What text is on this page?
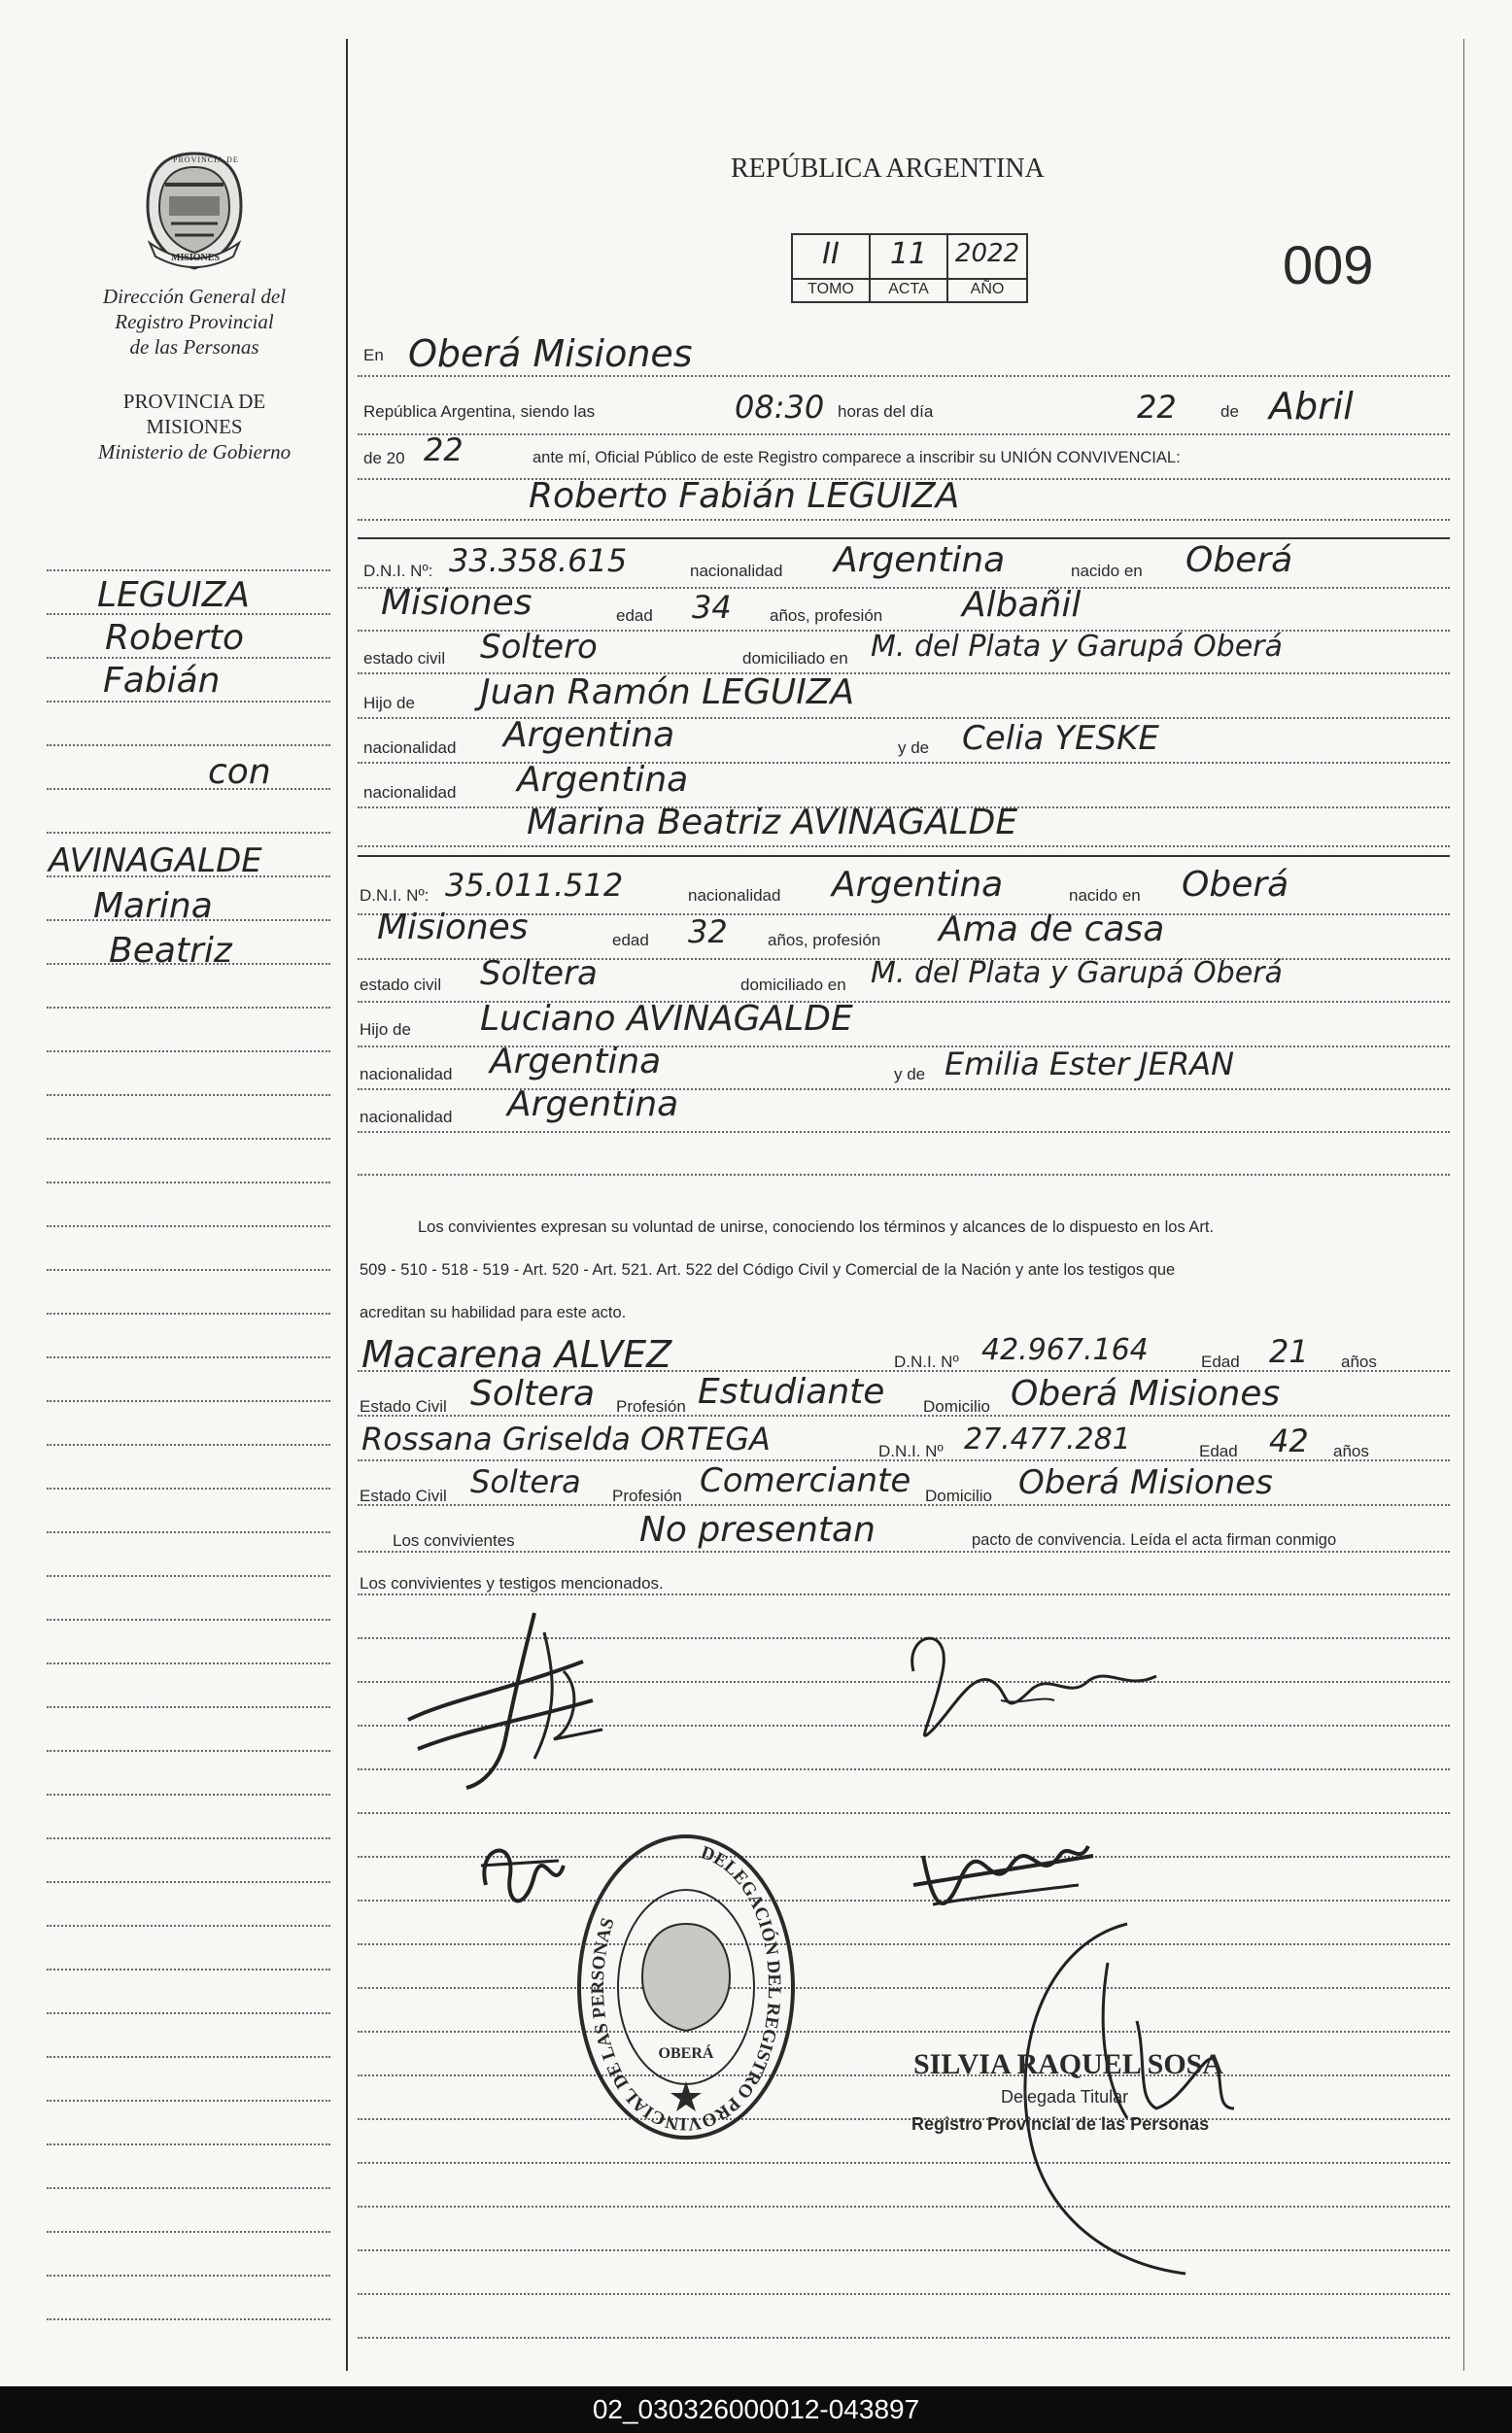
PROVINCIA DE
MISIONES
Dirección General del
Registro Provincial
de las Personas
PROVINCIA DE
MISIONES
Ministerio de Gobierno
LEGUIZA
Roberto
Fabián
con
AVINAGALDE
Marina
Beatriz
REPÚBLICA ARGENTINA
009
II	11	2022
TOMO	ACTA	AÑO
En Oberá Misiones
República Argentina, siendo las	08:30 horas del día	22	de Abril
de 20 22	ante mí, Oficial Público de este Registro comparece a inscribir su UNIÓN CONVIVENCIAL:
Roberto Fabián LEGUIZA
D.N.I. Nº: 33.358.615	nacionalidad Argentina	nacido en Oberá
Misiones	edad 34 años, profesión Albañil
estado civil Soltero	domiciliado en M. del Plata y Garupá Oberá
Hijo de Juan Ramón LEGUIZA
nacionalidad Argentina	y de Celia YESKE
nacionalidad Argentina
Marina Beatriz AVINAGALDE
D.N.I. Nº: 35.011.512	nacionalidad Argentina	nacido en Oberá
Misiones	edad 32 años, profesión Ama de casa
estado civil Soltera	domiciliado en M. del Plata y Garupá Oberá
Hijo de Luciano AVINAGALDE
nacionalidad Argentina	y de Emilia Ester JERAN
nacionalidad Argentina
Los convivientes expresan su voluntad de unirse, conociendo los términos y alcances de lo dispuesto en los Art.
509 - 510 - 518 - 519 - Art. 520 - Art. 521. Art. 522 del Código Civil y Comercial de la Nación y ante los testigos que
acreditan su habilidad para este acto.
Macarena ALVEZ	D.N.I. Nº 42.967.164	Edad 21 años
Estado Civil Soltera Profesión Estudiante Domicilio Oberá Misiones
Rossana Griselda ORTEGA	D.N.I. Nº 27.477.281	Edad 42 años
Estado Civil Soltera Profesión Comerciante Domicilio Oberá Misiones
Los convivientes	No presentan	pacto de convivencia. Leída el acta firman conmigo
Los convivientes y testigos mencionados.
DELEGACIÓN DEL REGISTRO PROVINCIAL DE LAS PERSONAS
OBERÁ	SILVIA RAQUEL SOSA
Delegada Titular
Registro Provincial de las Personas
02_030326000012-043897
